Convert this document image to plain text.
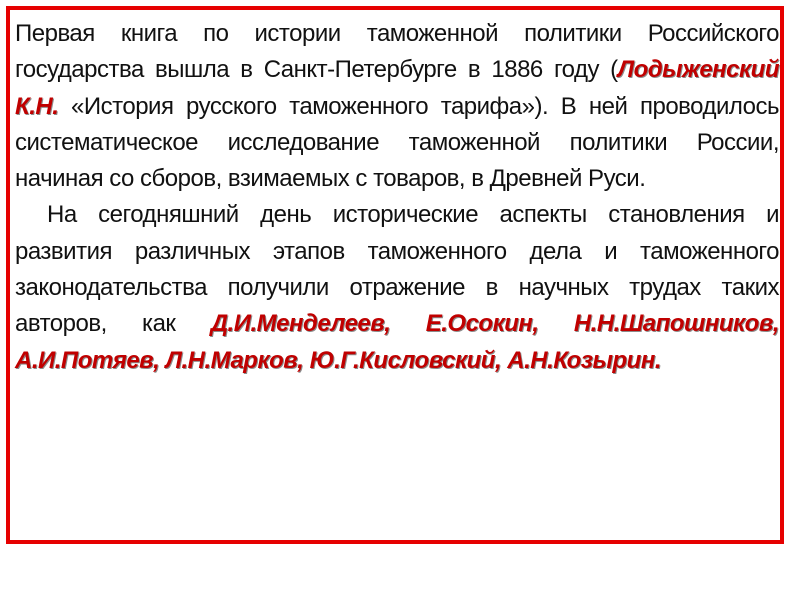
Первая книга по истории таможенной политики Российского государства вышла в Санкт-Петербурге в 1886 году (Лодыженский К.Н. «История русского таможенного тарифа»). В ней проводилось систематическое исследование таможенной политики России, начиная со сборов, взимаемых с товаров, в Древней Руси.

На сегодняшний день исторические аспекты становления и развития различных этапов таможенного дела и таможенного законодательства получили отражение в научных трудах таких авторов, как Д.И.Менделеев, Е.Осокин, Н.Н.Шапошников, А.И.Потяев, Л.Н.Марков, Ю.Г.Кисловский, А.Н.Козырин.
